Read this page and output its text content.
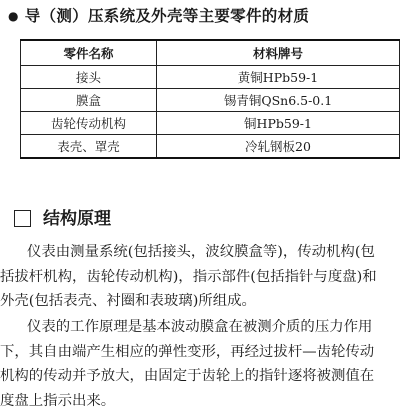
● 导（测）压系统及外壳等主要零件的材质
零件名称	材料牌号
接头	黄铜HPb59-1
膜盒	锡青铜QSn6.5-0.1
齿轮传动机构	铜HPb59-1
表壳、罩壳	冷轧钢板20
结构原理

仪表由测量系统(包括接头，波纹膜盒等)，传动机构(包
括拔杆机构，齿轮传动机构)，指示部件(包括指针与度盘)和
外壳(包括表壳、衬圈和表玻璃)所组成。

仪表的工作原理是基本波动膜盒在被测介质的压力作用
下，其自由端产生相应的弹性变形，再经过拔杆—齿轮传动
机构的传动并予放大，由固定于齿轮上的指针逐将被测值在
度盘上指示出来。
